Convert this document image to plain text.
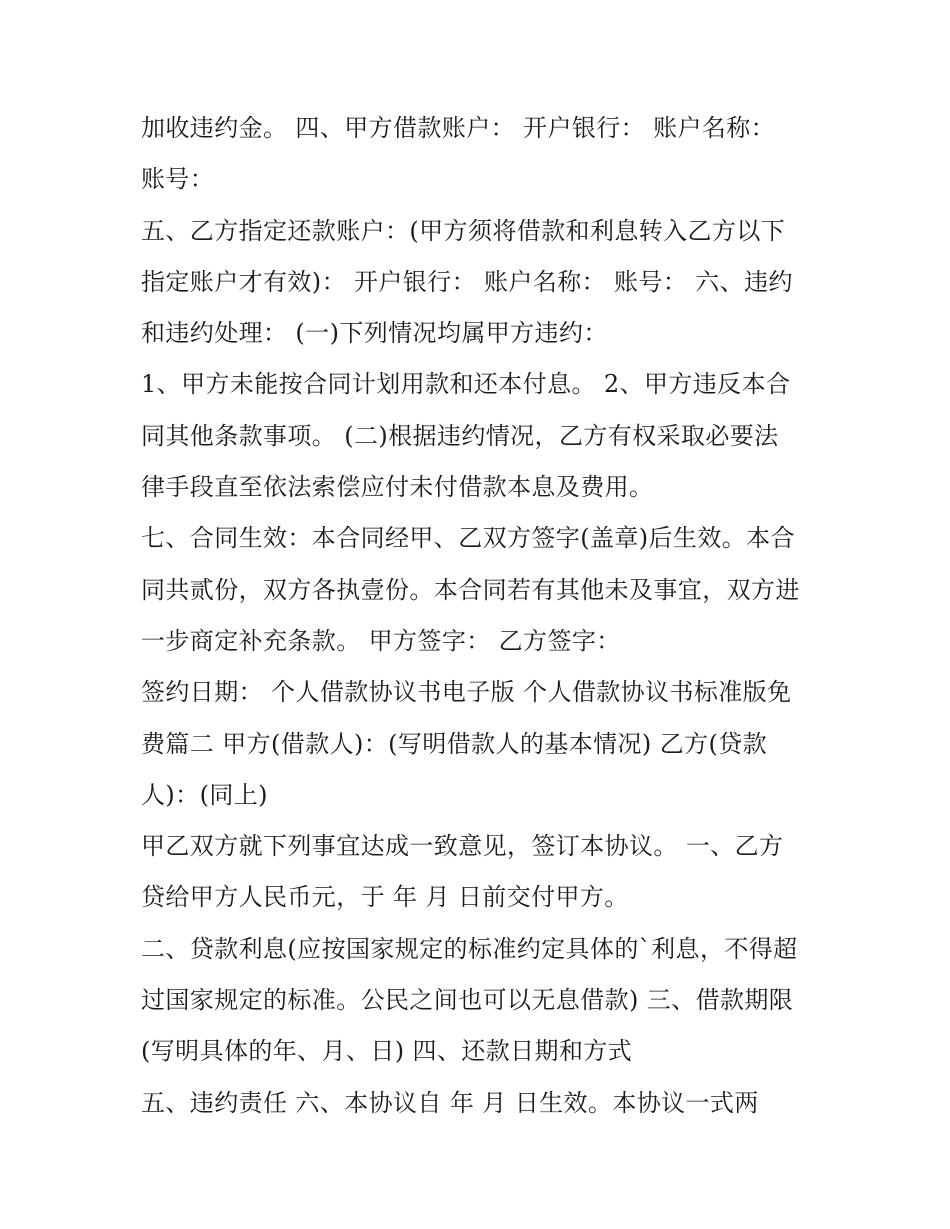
加收违约金。 四、甲方借款账户： 开户银行： 账户名称：
账号：
五、乙方指定还款账户：(甲方须将借款和利息转入乙方以下
指定账户才有效)： 开户银行： 账户名称： 账号： 六、违约
和违约处理： (一)下列情况均属甲方违约：
1、甲方未能按合同计划用款和还本付息。 2、甲方违反本合
同其他条款事项。 (二)根据违约情况，乙方有权采取必要法
律手段直至依法索偿应付未付借款本息及费用。
七、合同生效：本合同经甲、乙双方签字(盖章)后生效。本合
同共贰份，双方各执壹份。本合同若有其他未及事宜，双方进
一步商定补充条款。 甲方签字： 乙方签字：
签约日期： 个人借款协议书电子版 个人借款协议书标准版免
费篇二 甲方(借款人)：(写明借款人的基本情况) 乙方(贷款
人)：(同上)
甲乙双方就下列事宜达成一致意见，签订本协议。 一、乙方
贷给甲方人民币元，于 年 月 日前交付甲方。
二、贷款利息(应按国家规定的标准约定具体的`利息，不得超
过国家规定的标准。公民之间也可以无息借款) 三、借款期限
(写明具体的年、月、日) 四、还款日期和方式
五、违约责任 六、本协议自 年 月 日生效。本协议一式两
